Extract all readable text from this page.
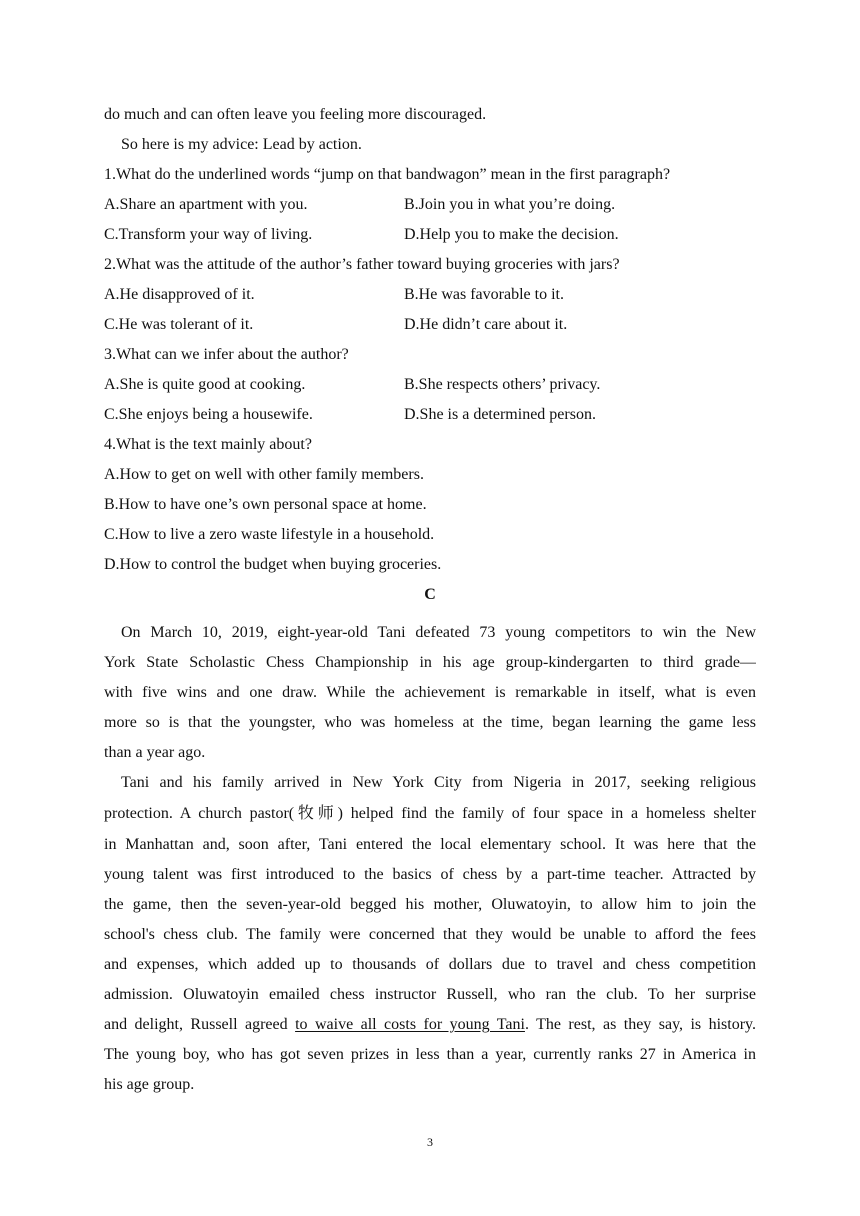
do much and can often leave you feeling more discouraged.
So here is my advice: Lead by action.
1.What do the underlined words “jump on that bandwagon” mean in the first paragraph?
A.Share an apartment with you.	B.Join you in what you’re doing.
C.Transform your way of living.	D.Help you to make the decision.
2.What was the attitude of the author’s father toward buying groceries with jars?
A.He disapproved of it.	B.He was favorable to it.
C.He was tolerant of it.	D.He didn’t care about it.
3.What can we infer about the author?
A.She is quite good at cooking.	B.She respects others’ privacy.
C.She enjoys being a housewife.	D.She is a determined person.
4.What is the text mainly about?
A.How to get on well with other family members.
B.How to have one’s own personal space at home.
C.How to live a zero waste lifestyle in a household.
D.How to control the budget when buying groceries.
C
On March 10, 2019, eight-year-old Tani defeated 73 young competitors to win the New
York State Scholastic Chess Championship in his age group-kindergarten to third grade—
with five wins and one draw. While the achievement is remarkable in itself, what is even
more so is that the youngster, who was homeless at the time, began learning the game less
than a year ago.
Tani and his family arrived in New York City from Nigeria in 2017, seeking religious
protection. A church pastor(牧师) helped find the family of four space in a homeless shelter
in Manhattan and, soon after, Tani entered the local elementary school. It was here that the
young talent was first introduced to the basics of chess by a part-time teacher. Attracted by
the game, then the seven-year-old begged his mother, Oluwatoyin, to allow him to join the
school's chess club. The family were concerned that they would be unable to afford the fees
and expenses, which added up to thousands of dollars due to travel and chess competition
admission. Oluwatoyin emailed chess instructor Russell, who ran the club. To her surprise
and delight, Russell agreed to waive all costs for young Tani. The rest, as they say, is history.
The young boy, who has got seven prizes in less than a year, currently ranks 27 in America in
his age group.
3
